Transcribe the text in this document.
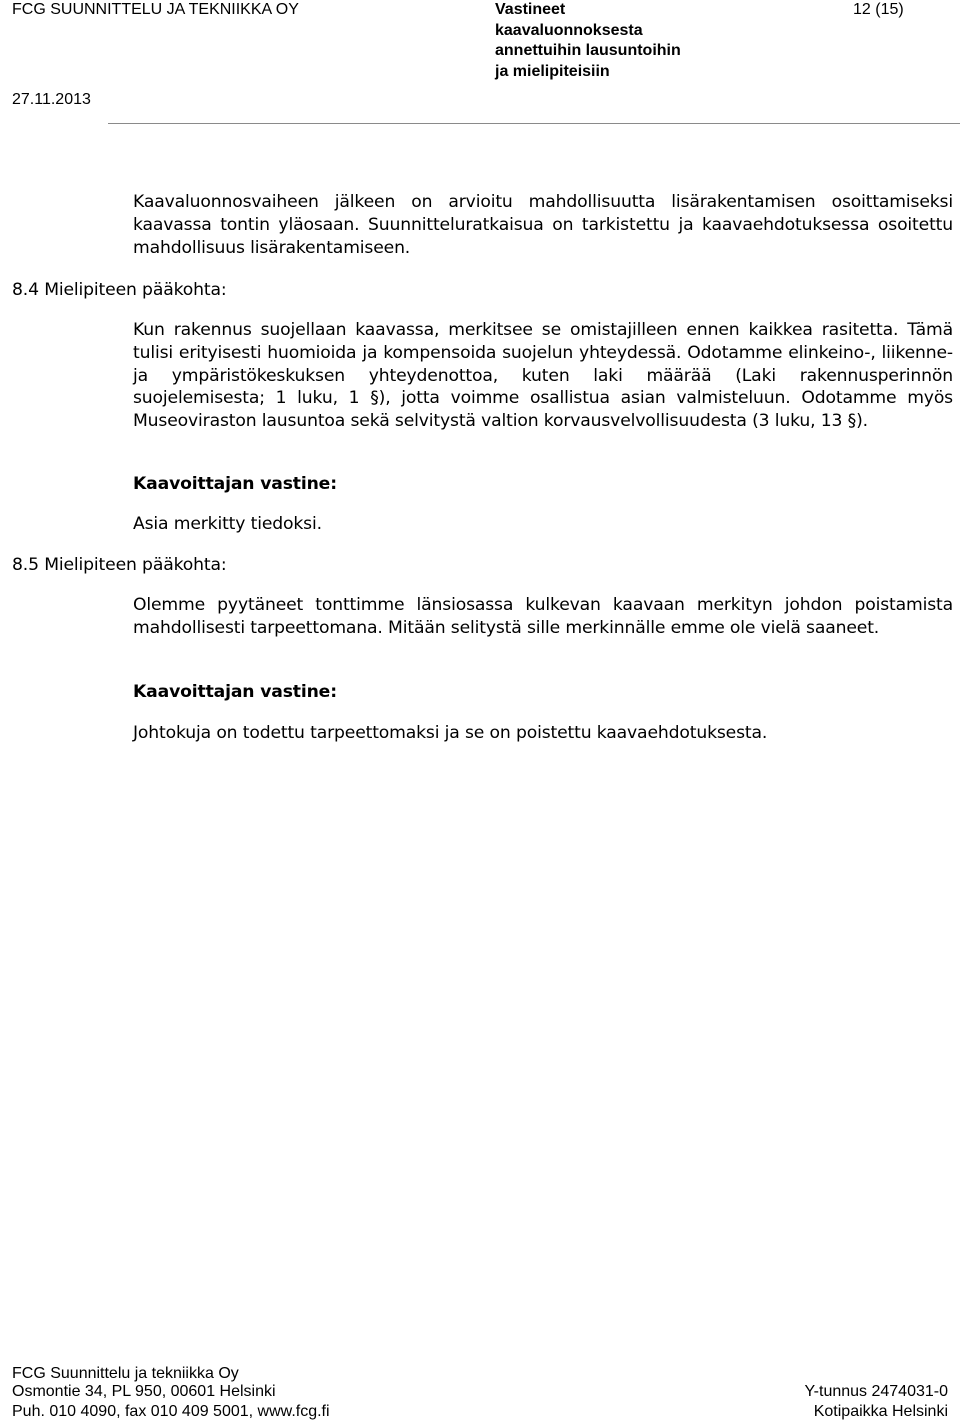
FCG SUUNNITTELU JA TEKNIIKKA OY	Vastineet
kaavaluonnoksesta
annettuihin lausuntoihin
ja mielipiteisiin
12 (15)
27.11.2013
Kaavaluonnosvaiheen jälkeen on arvioitu mahdollisuutta lisärakentamisen osoittamiseksi kaavassa tontin yläosaan. Suunnitteluratkaisua on tarkistettu ja kaavaehdotuksessa osoitettu mahdollisuus lisärakentamiseen.
8.4 Mielipiteen pääkohta:
Kun rakennus suojellaan kaavassa, merkitsee se omistajilleen ennen kaikkea rasitetta. Tämä tulisi erityisesti huomioida ja kompensoida suojelun yhteydessä. Odotamme elinkeino-, liikenne- ja ympäristökeskuksen yhteydenottoa, kuten laki määrää (Laki rakennusperinnön suojelemisesta; 1 luku, 1 §), jotta voimme osallistua asian valmisteluun. Odotamme myös Museoviraston lausuntoa sekä selvitystä valtion korvausvelvollisuudesta (3 luku, 13 §).
Kaavoittajan vastine:
Asia merkitty tiedoksi.
8.5 Mielipiteen pääkohta:
Olemme pyytäneet tonttimme länsiosassa kulkevan kaavaan merkityn johdon poistamista mahdollisesti tarpeettomana. Mitään selitystä sille merkinnälle emme ole vielä saaneet.
Kaavoittajan vastine:
Johtokuja on todettu tarpeettomaksi ja se on poistettu kaavaehdotuksesta.
FCG Suunnittelu ja tekniikka Oy
Osmontie 34, PL 950, 00601 Helsinki
Puh. 010 4090, fax 010 409 5001, www.fcg.fi
Y-tunnus 2474031-0
Kotipaikka Helsinki
